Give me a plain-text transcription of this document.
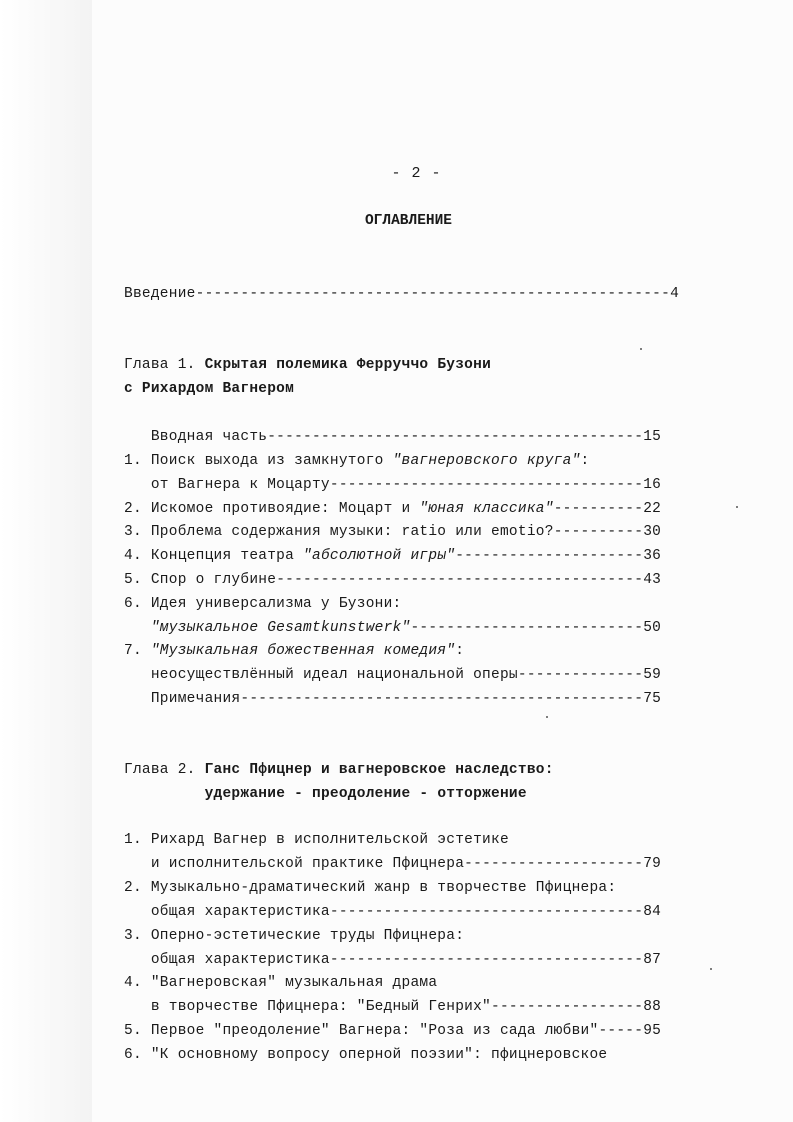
- 2 -
ОГЛАВЛЕНИЕ
Введение-----------------------------------------------------4
Глава 1. Скрытая полемика Ферруччо Бузони
с Рихардом Вагнером
Вводная часть------------------------------------------15
1. Поиск выхода из замкнутого "вагнеровского круга":
от Вагнера к Моцарту-----------------------------------16
2. Искомое противоядие: Моцарт и "юная классика"----------22
3. Проблема содержания музыки: ratio или emotio?----------30
4. Концепция театра "абсолютной игры"---------------------36
5. Спор о глубине-----------------------------------------43
6. Идея универсализма у Бузони:
"музыкальное Gesamtkunstwerk"--------------------------50
7. "Музыкальная божественная комедия":
неосуществлённый идеал национальной оперы--------------59
Примечания---------------------------------------------75
Глава 2. Ганс Пфицнер и вагнеровское наследство:
удержание - преодоление - отторжение
1. Рихард Вагнер в исполнительской эстетике
и исполнительской практике Пфицнера--------------------79
2. Музыкально-драматический жанр в творчестве Пфицнера:
общая характеристика-----------------------------------84
3. Оперно-эстетические труды Пфицнера:
общая характеристика-----------------------------------87
4. "Вагнеровская" музыкальная драма
в творчестве Пфицнера: "Бедный Генрих"-----------------88
5. Первое "преодоление" Вагнера: "Роза из сада любви"-----95
6. "К основному вопросу оперной поэзии": пфицнеровское
